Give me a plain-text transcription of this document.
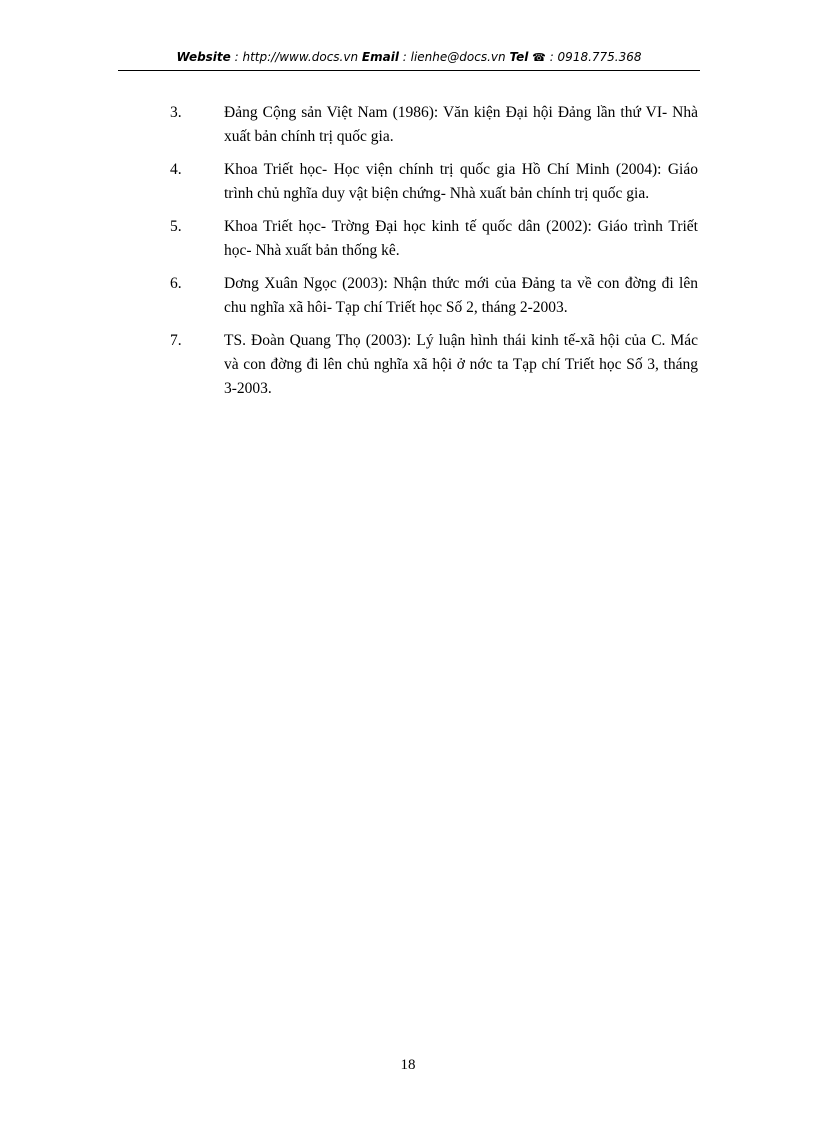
Website : http://www.docs.vn Email : lienhe@docs.vn Tel ☎ : 0918.775.368
3.	Đảng Cộng sản Việt Nam (1986): Văn kiện Đại hội Đảng lần thứ VI- Nhà xuất bản chính trị quốc gia.
4.	Khoa Triết học- Học viện chính trị quốc gia Hồ Chí Minh (2004): Giáo trình chủ nghĩa duy vật biện chứng- Nhà xuất bản chính trị quốc gia.
5.	Khoa Triết học- Trờng Đại học kinh tế quốc dân (2002): Giáo trình Triết học- Nhà xuất bản thống kê.
6.	Dơng Xuân Ngọc (2003): Nhận thức mới của Đảng ta về con đờng đi lên chu nghĩa xã hôi- Tạp chí Triết học Số 2, tháng 2-2003.
7.	TS. Đoàn Quang Thọ (2003): Lý luận hình thái kinh tế-xã hội của C. Mác và con đờng đi lên chủ nghĩa xã hội ở nớc ta Tạp chí Triết học Số 3, tháng 3-2003.
18
